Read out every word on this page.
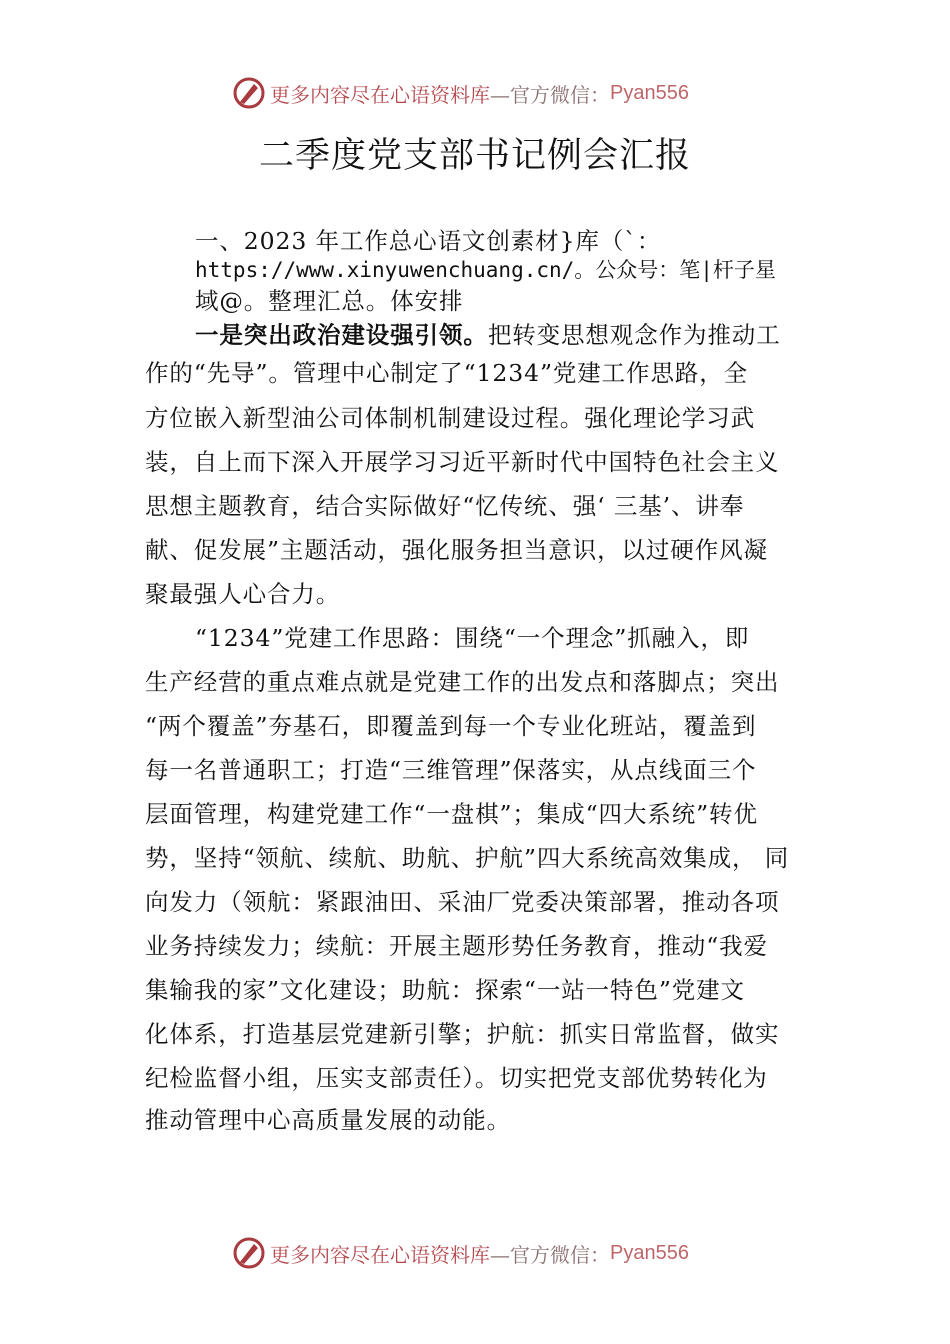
更多内容尽在心语资料库 —官方微信： Pyan556
二季度党支部书记例会汇报
一、2023 年工作总心语文创素材}库（`：
https://www.xinyuwenchuang.cn/。公众号：笔|杆子星
域@。整理汇总。体安排
一是突出政治建设强引领。把转变思想观念作为推动工
作的“先导”。管理中心制定了“1234”党建工作思路，全
方位嵌入新型油公司体制机制建设过程。强化理论学习武
装，自上而下深入开展学习习近平新时代中国特色社会主义
思想主题教育，结合实际做好“忆传统、强‘ 三基’、讲奉
献、促发展”主题活动，强化服务担当意识，以过硬作风凝
聚最强人心合力。
“1234”党建工作思路：围绕“一个理念”抓融入，即
生产经营的重点难点就是党建工作的出发点和落脚点；突出
“两个覆盖”夯基石，即覆盖到每一个专业化班站，覆盖到
每一名普通职工；打造“三维管理”保落实，从点线面三个
层面管理，构建党建工作“一盘棋”；集成“四大系统”转优
势，坚持“领航、续航、助航、护航”四大系统高效集成， 同
向发力（领航：紧跟油田、采油厂党委决策部署，推动各项
业务持续发力；续航：开展主题形势任务教育，推动“我爱
集输我的家”文化建设；助航：探索“一站一特色”党建文
化体系，打造基层党建新引擎；护航：抓实日常监督，做实
纪检监督小组，压实支部责任）。切实把党支部优势转化为
推动管理中心高质量发展的动能。
更多内容尽在心语资料库 —官方微信： Pyan556
